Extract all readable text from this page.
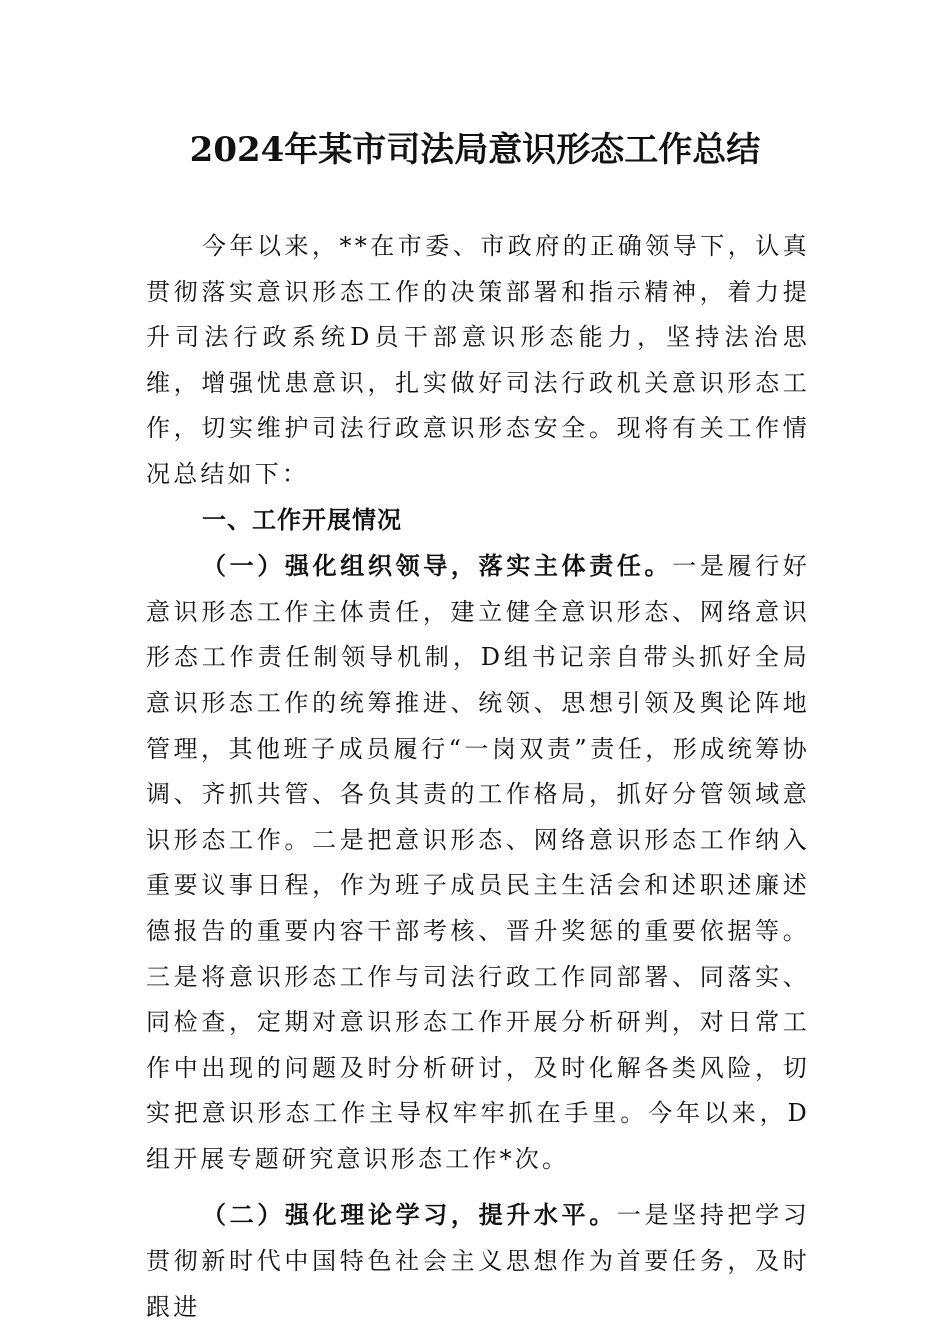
2024年某市司法局意识形态工作总结

今年以来，**在市委、市政府的正确领导下，认真贯彻落实意识形态工作的决策部署和指示精神，着力提升司法行政系统D员干部意识形态能力，坚持法治思维，增强忧患意识，扎实做好司法行政机关意识形态工作，切实维护司法行政意识形态安全。现将有关工作情况总结如下：

一、工作开展情况

（一）强化组织领导，落实主体责任。一是履行好意识形态工作主体责任，建立健全意识形态、网络意识形态工作责任制领导机制，D组书记亲自带头抓好全局意识形态工作的统筹推进、统领、思想引领及舆论阵地管理，其他班子成员履行“一岗双责”责任，形成统筹协调、齐抓共管、各负其责的工作格局，抓好分管领域意识形态工作。二是把意识形态、网络意识形态工作纳入重要议事日程，作为班子成员民主生活会和述职述廉述德报告的重要内容干部考核、晋升奖惩的重要依据等。三是将意识形态工作与司法行政工作同部署、同落实、同检查，定期对意识形态工作开展分析研判，对日常工作中出现的问题及时分析研讨，及时化解各类风险，切实把意识形态工作主导权牢牢抓在手里。今年以来，D组开展专题研究意识形态工作*次。

（二）强化理论学习，提升水平。一是坚持把学习贯彻新时代中国特色社会主义思想作为首要任务，及时跟进
